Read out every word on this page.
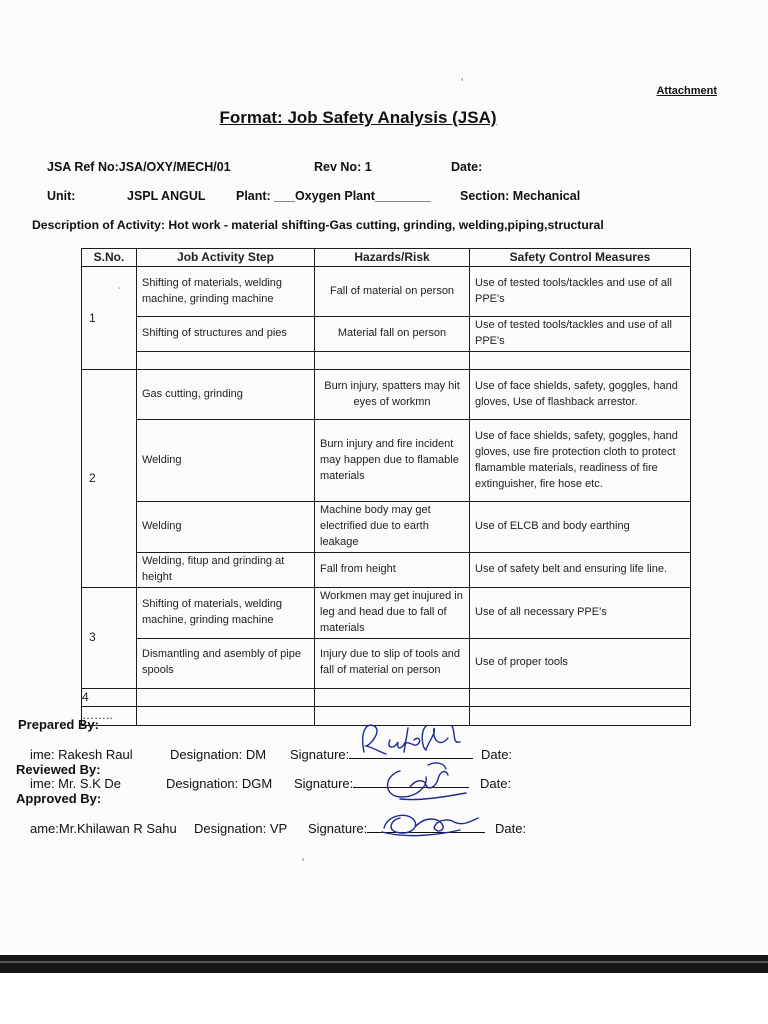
Attachment

Format: Job Safety Analysis (JSA)
ʼ
˙
ʼ
JSA Ref No:JSA/OXY/MECH/01	Rev No: 1	Date:
Unit:	JSPL ANGUL Plant: ___Oxygen Plant________ Section: Mechanical
Description of Activity: Hot work - material shifting-Gas cutting, grinding, welding,piping,structural
S.No.	Job Activity Step	Hazards/Risk	Safety Control Measures
1	Shifting of materials, welding machine, grinding machine	Fall of material on person	Use of tested tools/tackles and use of all PPE's
	Shifting of structures and pies	Material fall on person	Use of tested tools/tackles and use of all PPE's

2	Gas cutting, grinding	Burn injury, spatters may hit eyes of workmn	Use of face shields, safety, goggles, hand gloves, Use of flashback arrestor.
	Welding	Burn injury and fire incident may happen due to flamable materials	Use of face shields, safety, goggles, hand gloves, use fire protection cloth to protect flamamble materials, readiness of fire extinguisher, fire hose etc.
	Welding	Machine body may get electrified due to earth leakage	Use of ELCB and body earthing
	Welding, fitup and grinding at height	Fall from height	Use of safety belt and ensuring life line.
3	Shifting of materials, welding machine, grinding machine	Workmen may get inujured in leg and head due to fall of materials	Use of all necessary PPE's
	Dismantling and asembly of pipe spools	Injury due to slip of tools and fall of material on person	Use of proper tools
4			
……..			
Prepared By:
ime: Rakesh Raul	Designation: DM Signature:	Date:
Reviewed By:
ime: Mr. S.K De	Designation: DGM Signature:	Date:
Approved By:
ame:Mr.Khilawan R Sahu Designation: VP Signature:	Date:
